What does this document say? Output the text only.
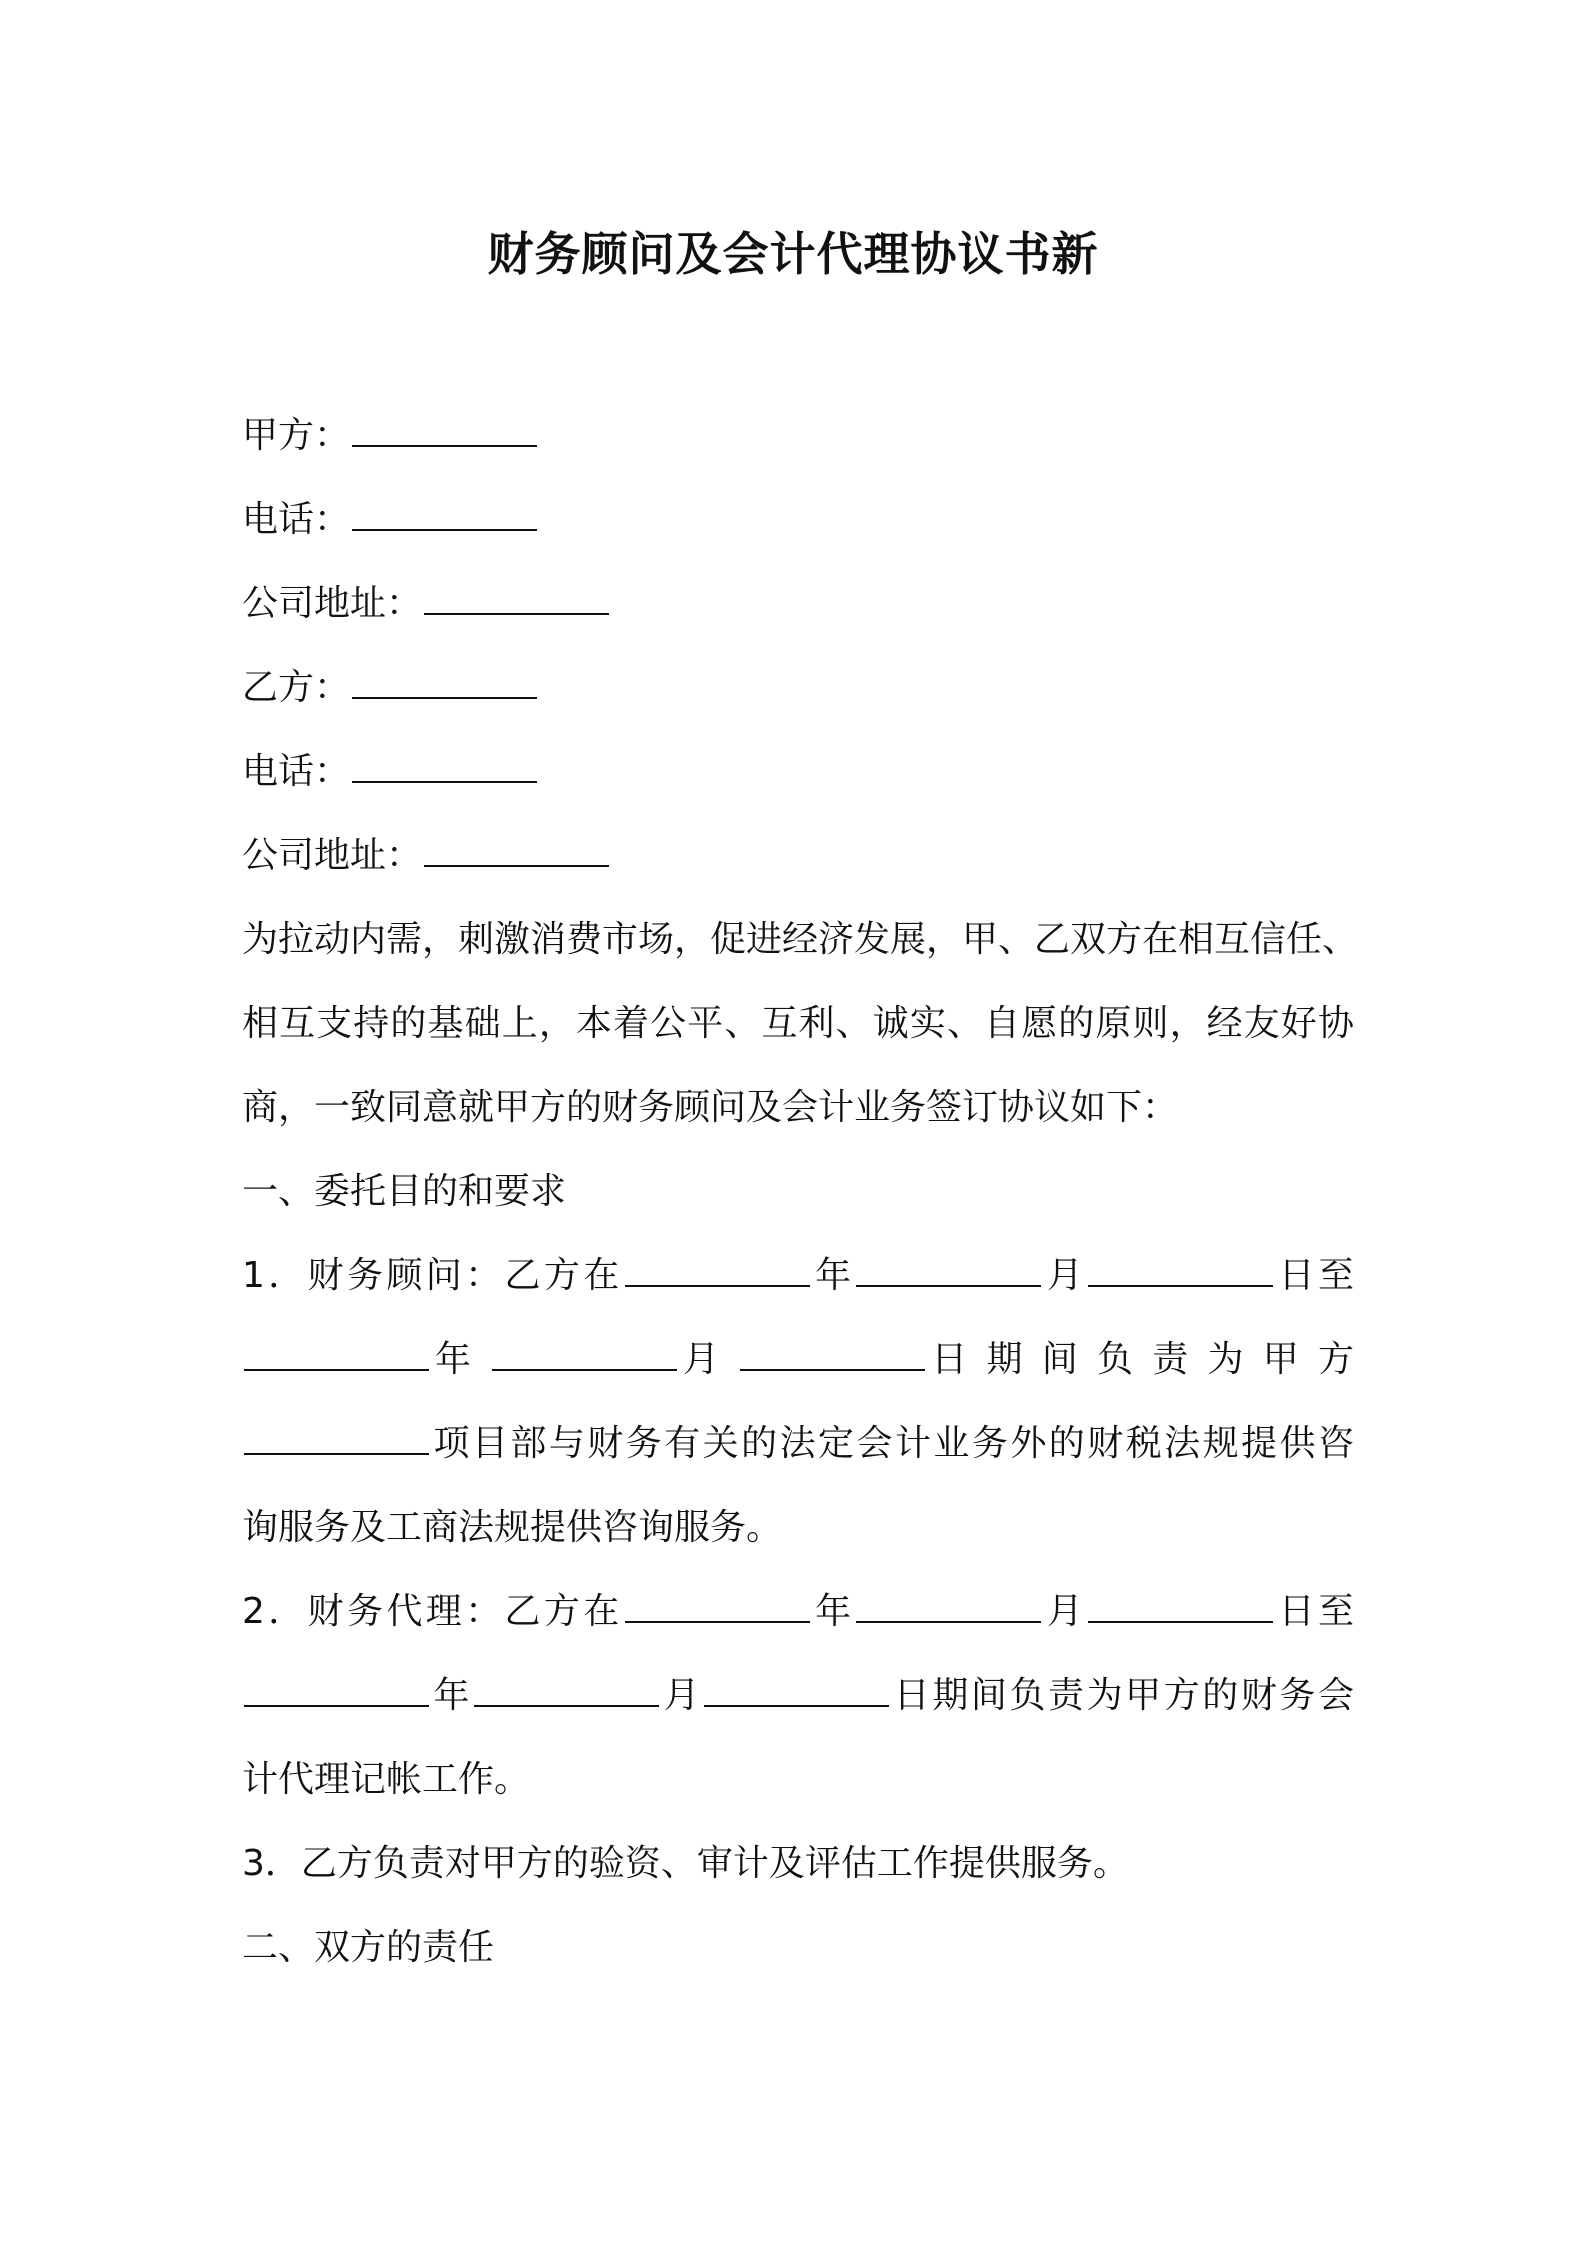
财务顾问及会计代理协议书新
甲方：
电话：
公司地址：
乙方：
电话：
公司地址：
为拉动内需，刺激消费市场，促进经济发展，甲、乙双方在相互信任、
相互支持的基础上，本着公平、互利、诚实、自愿的原则，经友好协
商，一致同意就甲方的财务顾问及会计业务签订协议如下：
一、委托目的和要求
1．财务顾问：乙方在	年	月	日至
年	月	日 期 间 负 责 为 甲 方
项目部与财务有关的法定会计业务外的财税法规提供咨
询服务及工商法规提供咨询服务。
2．财务代理：乙方在	年	月	日至
年	月	日期间负责为甲方的财务会
计代理记帐工作。
3．乙方负责对甲方的验资、审计及评估工作提供服务。
二、双方的责任
